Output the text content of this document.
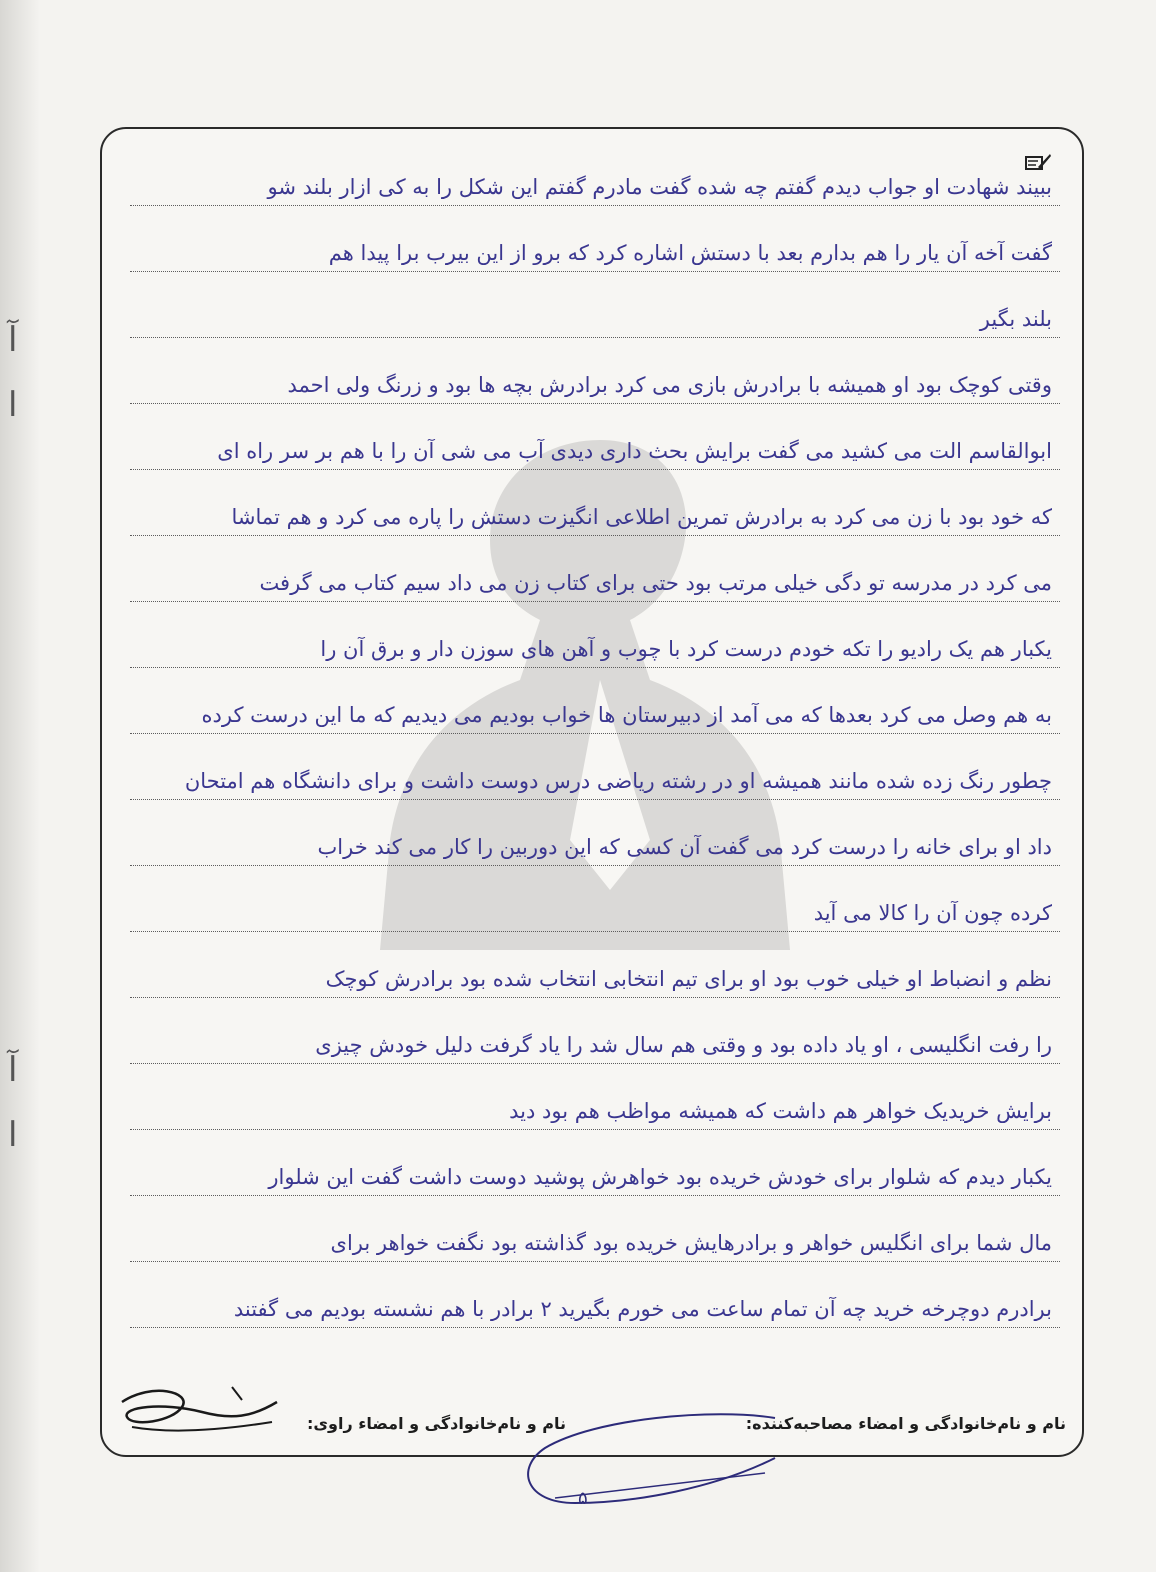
آ
ا
آ
ا
ببیند شهادت او جواب دیدم گفتم چه شده گفت مادرم گفتم این شکل را به کی ازار بلند شو
گفت آخه آن یار را هم بدارم بعد با دستش اشاره کرد که برو از این بیرب برا پیدا هم
بلند بگیر
وقتی کوچک بود او همیشه با برادرش بازی می کرد برادرش بچه ها بود و زرنگ ولی احمد
ابوالقاسم الت می کشید می گفت برایش بحث داری دیدی آب می شی آن را با هم بر سر راه ای
که خود بود با زن می کرد به برادرش تمرین اطلاعی انگیزت دستش را پاره می کرد و هم تماشا
می کرد در مدرسه تو دگی خیلی مرتب بود حتی برای کتاب زن می داد سیم کتاب می گرفت
یکبار هم یک رادیو را تکه خودم درست کرد با چوب و آهن های سوزن دار و برق آن را
به هم وصل می کرد بعدها که می آمد از دبیرستان ها خواب بودیم می دیدیم که ما این درست کرده
چطور رنگ زده شده مانند همیشه او در رشته ریاضی درس دوست داشت و برای دانشگاه هم امتحان
داد او برای خانه را درست کرد می گفت آن کسی که این دوربین را کار می کند خراب
کرده چون آن را کالا می آید
نظم و انضباط او خیلی خوب بود او برای تیم انتخابی انتخاب شده بود برادرش کوچک
را رفت انگلیسی ، او یاد داده بود و وقتی هم سال شد را یاد گرفت دلیل خودش چیزی
برایش خریدیک خواهر هم داشت که همیشه مواظب هم بود دید
یکبار دیدم که شلوار برای خودش خریده بود خواهرش پوشید دوست داشت گفت این شلوار
مال شما برای انگلیس خواهر و برادرهایش خریده بود گذاشته بود نگفت خواهر برای
برادرم دوچرخه خرید چه آن تمام ساعت می خورم بگیرید ۲ برادر با هم نشسته بودیم می گفتند
نام و نام‌خانوادگی و امضاء مصاحبه‌کننده:
نام و نام‌خانوادگی و امضاء راوی:
۵
